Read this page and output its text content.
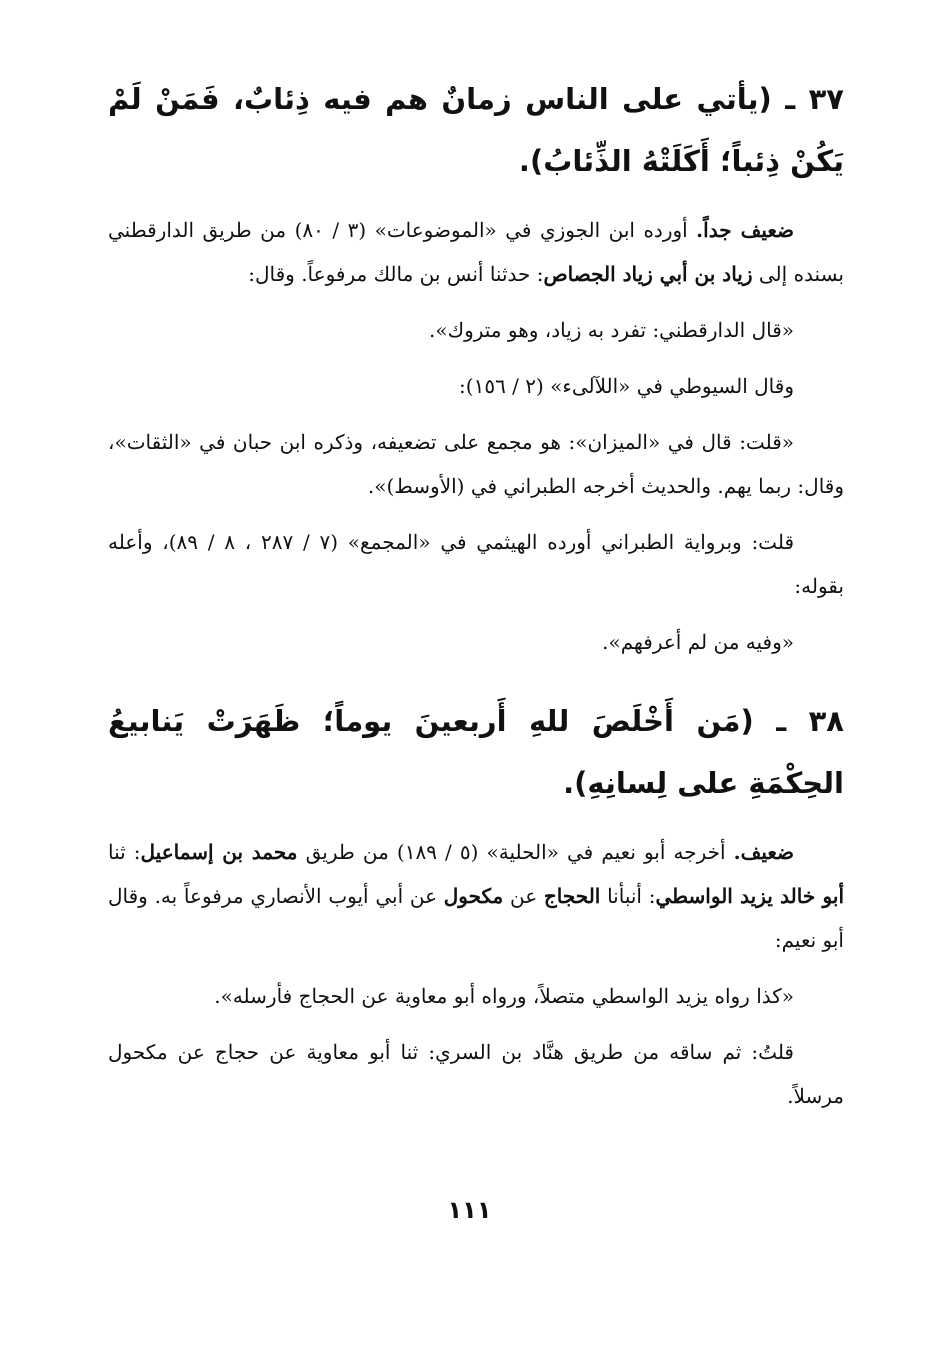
٣٧ ـ (يأتي على الناس زمانٌ هم فيه ذِئابٌ، فَمَنْ لَمْ يَكُنْ ذِئباً؛ أَكَلَتْهُ الذِّئابُ).

ضعيف جداً. أورده ابن الجوزي في «الموضوعات» (٣ / ٨٠) من طريق الدارقطني بسنده إلى زياد بن أبي زياد الجصاص: حدثنا أنس بن مالك مرفوعاً. وقال:

«قال الدارقطني: تفرد به زياد، وهو متروك».

وقال السيوطي في «اللآلىء» (٢ / ١٥٦):

«قلت: قال في «الميزان»: هو مجمع على تضعيفه، وذكره ابن حبان في «الثقات»، وقال: ربما يهم. والحديث أخرجه الطبراني في (الأوسط)».

قلت: وبرواية الطبراني أورده الهيثمي في «المجمع» (٧ / ٢٨٧ ، ٨ / ٨٩)، وأعله بقوله:

«وفيه من لم أعرفهم».

٣٨ ـ (مَن أَخْلَصَ للهِ أَربعينَ يوماً؛ ظَهَرَتْ يَنابيعُ الحِكْمَةِ على لِسانِهِ).

ضعيف. أخرجه أبو نعيم في «الحلية» (٥ / ١٨٩) من طريق محمد بن إسماعيل: ثنا أبو خالد يزيد الواسطي: أنبأنا الحجاج عن مكحول عن أبي أيوب الأنصاري مرفوعاً به. وقال أبو نعيم:

«كذا رواه يزيد الواسطي متصلاً، ورواه أبو معاوية عن الحجاج فأرسله».

قلتُ: ثم ساقه من طريق هنَّاد بن السري: ثنا أبو معاوية عن حجاج عن مكحول مرسلاً.

١١١
